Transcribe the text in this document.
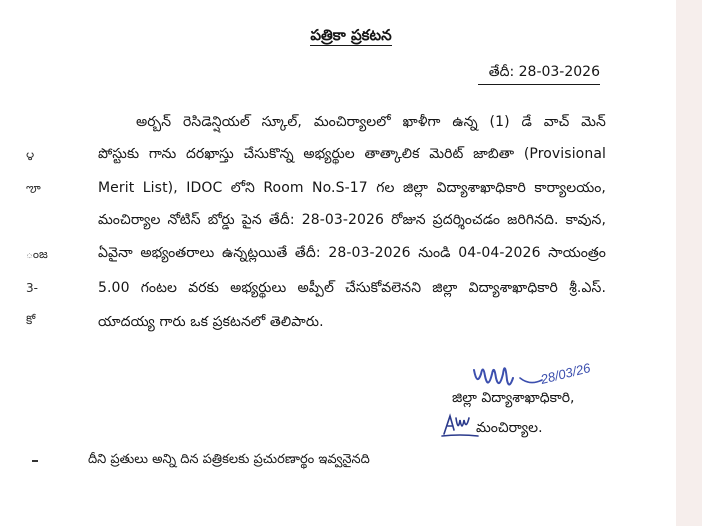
౪
ౡ
ంజ
3-
కో
పత్రికా ప్రకటన
తేదీ: 28-03-2026
అర్బన్ రెసిడెన్షియల్ స్కూల్, మంచిర్యాలలో ఖాళీగా ఉన్న (1) డే వాచ్ మెన్
పోస్టుకు గాను దరఖాస్తు చేసుకొన్న అభ్యర్థుల తాత్కాలిక మెరిట్ జాబితా (Provisional
Merit List), IDOC లోని Room No.S-17 గల జిల్లా విద్యాశాఖాధికారి కార్యాలయం,
మంచిర్యాల నోటిస్ బోర్డు పైన తేదీ: 28-03-2026 రోజున ప్రదర్శించడం జరిగినది. కావున,
ఏవైనా అభ్యంతరాలు ఉన్నట్లయితే తేదీ: 28-03-2026 నుండి 04-04-2026 సాయంత్రం
5.00 గంటల వరకు అభ్యర్థులు అప్పీల్ చేసుకోవలెనని జిల్లా విద్యాశాఖాధికారి శ్రీ.ఎస్.
యాదయ్య గారు ఒక ప్రకటనలో తెలిపారు.
28/03/26
జిల్లా విద్యాశాఖాధికారి,
మంచిర్యాల.
దీని ప్రతులు అన్ని దిన పత్రికలకు ప్రచురణార్థం ఇవ్వనైనది
